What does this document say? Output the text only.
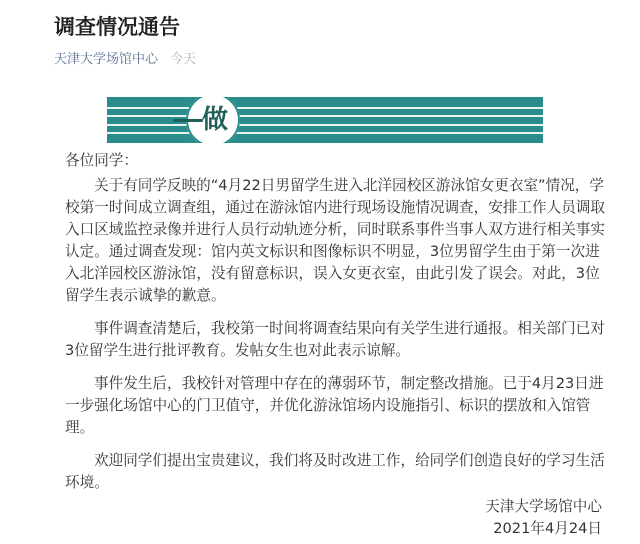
调查情况通告
天津大学场馆中心 今天
做

各位同学：

关于有同学反映的“4月22日男留学生进入北洋园校区游泳馆女更衣室”情况，学校第一时间成立调查组，通过在游泳馆内进行现场设施情况调查，安排工作人员调取入口区域监控录像并进行人员行动轨迹分析，同时联系事件当事人双方进行相关事实认定。通过调查发现：馆内英文标识和图像标识不明显，3位男留学生由于第一次进入北洋园校区游泳馆，没有留意标识，误入女更衣室，由此引发了误会。对此，3位留学生表示诚挚的歉意。

事件调查清楚后，我校第一时间将调查结果向有关学生进行通报。相关部门已对3位留学生进行批评教育。发帖女生也对此表示谅解。

事件发生后，我校针对管理中存在的薄弱环节，制定整改措施。已于4月23日进一步强化场馆中心的门卫值守，并优化游泳馆场内设施指引、标识的摆放和入馆管理。

欢迎同学们提出宝贵建议，我们将及时改进工作，给同学们创造良好的学习生活环境。

天津大学场馆中心
2021年4月24日
